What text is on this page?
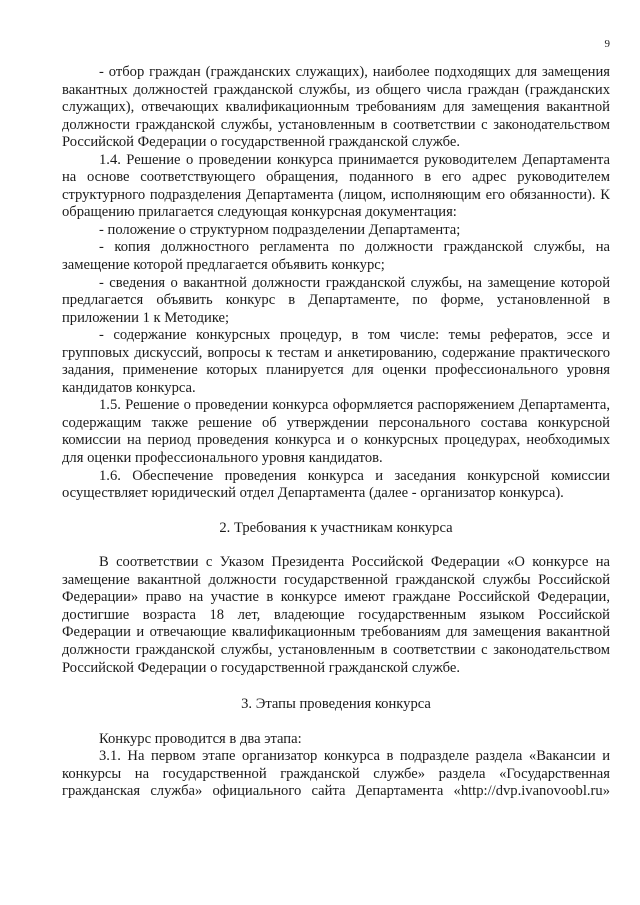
9

- отбор граждан (гражданских служащих), наиболее подходящих для замещения вакантных должностей гражданской службы, из общего числа граждан (гражданских служащих), отвечающих квалификационным требованиям для замещения вакантной должности гражданской службы, установленным в соответствии с законодательством Российской Федерации о государственной гражданской службе.

1.4. Решение о проведении конкурса принимается руководителем Департамента на основе соответствующего обращения, поданного в его адрес руководителем структурного подразделения Департамента (лицом, исполняющим его обязанности). К обращению прилагается следующая конкурсная документация:

- положение о структурном подразделении Департамента;

- копия должностного регламента по должности гражданской службы, на замещение которой предлагается объявить конкурс;

- сведения о вакантной должности гражданской службы, на замещение которой предлагается объявить конкурс в Департаменте, по форме, установленной в приложении 1 к Методике;

- содержание конкурсных процедур, в том числе: темы рефератов, эссе и групповых дискуссий, вопросы к тестам и анкетированию, содержание практического задания, применение которых планируется для оценки профессионального уровня кандидатов конкурса.

1.5. Решение о проведении конкурса оформляется распоряжением Департамента, содержащим также решение об утверждении персонального состава конкурсной комиссии на период проведения конкурса и о конкурсных процедурах, необходимых для оценки профессионального уровня кандидатов.

1.6. Обеспечение проведения конкурса и заседания конкурсной комиссии осуществляет юридический отдел Департамента (далее - организатор конкурса).

2. Требования к участникам конкурса

В соответствии с Указом Президента Российской Федерации «О конкурсе на замещение вакантной должности государственной гражданской службы Российской Федерации» право на участие в конкурсе имеют граждане Российской Федерации, достигшие возраста 18 лет, владеющие государственным языком Российской Федерации и отвечающие квалификационным требованиям для замещения вакантной должности гражданской службы, установленным в соответствии с законодательством Российской Федерации о государственной гражданской службе.

3. Этапы проведения конкурса

Конкурс проводится в два этапа:

3.1. На первом этапе организатор конкурса в подразделе раздела «Вакансии и конкурсы на государственной гражданской службе» раздела «Государственная гражданская служба» официального сайта Департамента «http://dvp.ivanovoobl.ru»
